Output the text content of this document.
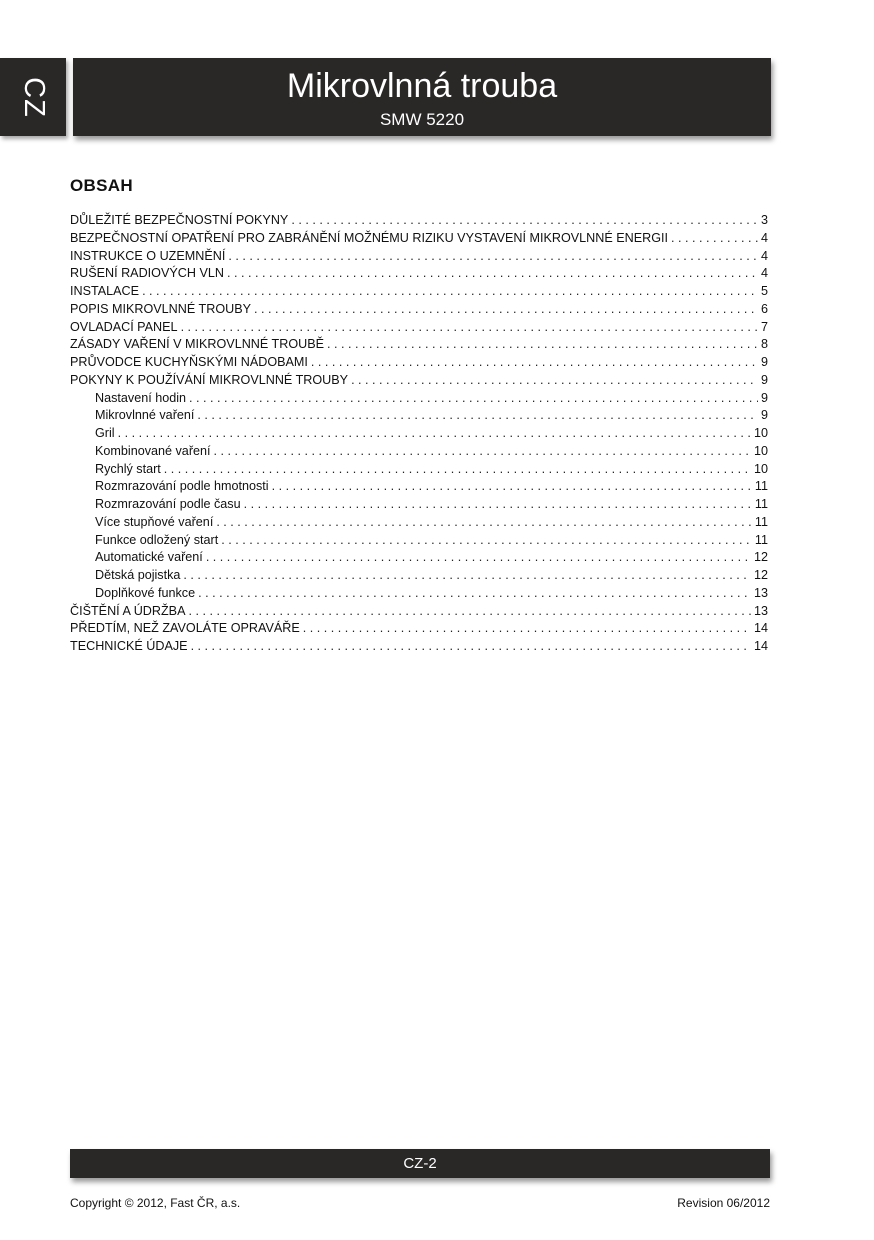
CZ	Mikrovlnná trouba
SMW 5220
OBSAH
DŮLEŽITÉ BEZPEČNOSTNÍ POKYNY . . .	3
BEZPEČNOSTNÍ OPATŘENÍ PRO ZABRÁNĚNÍ MOŽNÉMU RIZIKU VYSTAVENÍ MIKROVLNNÉ ENERGII . . .	4
INSTRUKCE O UZEMNĚNÍ . . .	4
RUŠENÍ RADIOVÝCH VLN . . .	4
INSTALACE . . .	5
POPIS MIKROVLNNÉ TROUBY . . .	6
OVLADACÍ PANEL . . .	7
ZÁSADY VAŘENÍ V MIKROVLNNÉ TROUBĚ . . .	8
PRŮVODCE KUCHYŇSKÝMI NÁDOBAMI . . .	9
POKYNY K POUŽÍVÁNÍ MIKROVLNNÉ TROUBY . . .	9
Nastavení hodin . . .	9
Mikrovlnné vaření . . .	9
Gril . . .	10
Kombinované vaření . . .	10
Rychlý start . . .	10
Rozmrazování podle hmotnosti . . .	11
Rozmrazování podle času . . .	11
Více stupňové vaření . . .	11
Funkce odložený start . . .	11
Automatické vaření . . .	12
Dětská pojistka . . .	12
Doplňkové funkce . . .	13
ČIŠTĚNÍ A ÚDRŽBA . . .	13
PŘEDTÍM, NEŽ ZAVOLÁTE OPRAVÁŘE . . .	14
TECHNICKÉ ÚDAJE . . .	14
CZ-2
Copyright © 2012, Fast ČR, a.s.	Revision 06/2012
